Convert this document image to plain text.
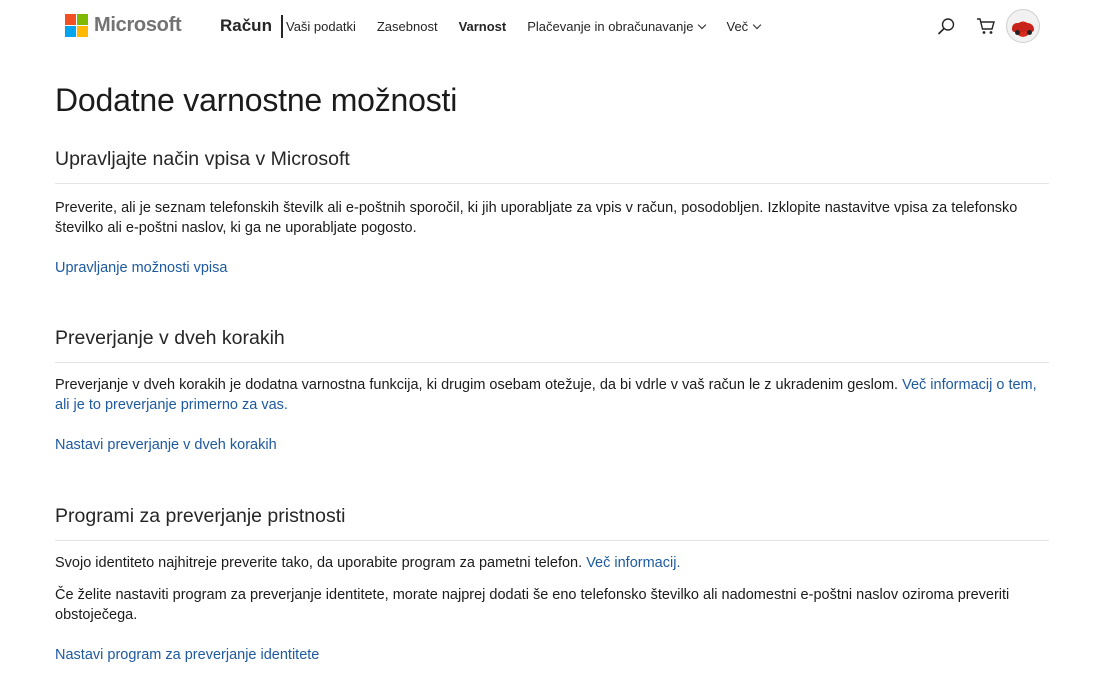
Microsoft Račun Vaši podatki Zasebnost Varnost Plačevanje in obračunavanje	Več
Dodatne varnostne možnosti
Upravljajte način vpisa v Microsoft
Preverite, ali je seznam telefonskih številk ali e-poštnih sporočil, ki jih uporabljate za vpis v račun, posodobljen. Izklopite nastavitve vpisa za telefonsko številko ali e-poštni naslov, ki ga ne uporabljate pogosto.
Upravljanje možnosti vpisa
Preverjanje v dveh korakih
Preverjanje v dveh korakih je dodatna varnostna funkcija, ki drugim osebam otežuje, da bi vdrle v vaš račun le z ukradenim geslom. Več informacij o tem, ali je to preverjanje primerno za vas.
Nastavi preverjanje v dveh korakih
Programi za preverjanje pristnosti
Svojo identiteto najhitreje preverite tako, da uporabite program za pametni telefon. Več informacij.
Če želite nastaviti program za preverjanje identitete, morate najprej dodati še eno telefonsko številko ali nadomestni e-poštni naslov oziroma preveriti obstoječega.
Nastavi program za preverjanje identitete
